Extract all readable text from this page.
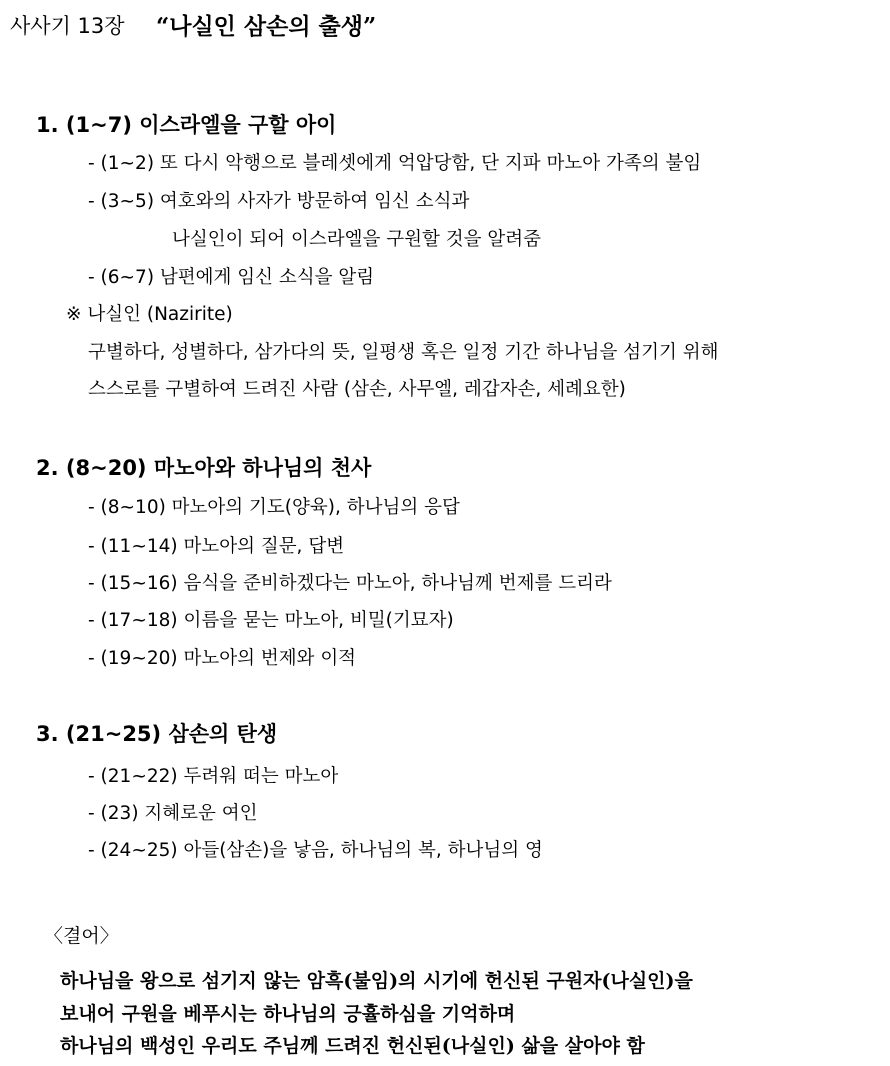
사사기 13장 “나실인 삼손의 출생”
1. (1~7) 이스라엘을 구할 아이
- (1~2) 또 다시 악행으로 블레셋에게 억압당함, 단 지파 마노아 가족의 불임
- (3~5) 여호와의 사자가 방문하여 임신 소식과
나실인이 되어 이스라엘을 구원할 것을 알려줌
- (6~7) 남편에게 임신 소식을 알림
※ 나실인 (Nazirite)
구별하다, 성별하다, 삼가다의 뜻, 일평생 혹은 일정 기간 하나님을 섬기기 위해
스스로를 구별하여 드려진 사람 (삼손, 사무엘, 레갑자손, 세례요한)
2. (8~20) 마노아와 하나님의 천사
- (8~10) 마노아의 기도(양육), 하나님의 응답
- (11~14) 마노아의 질문, 답변
- (15~16) 음식을 준비하겠다는 마노아, 하나님께 번제를 드리라
- (17~18) 이름을 묻는 마노아, 비밀(기묘자)
- (19~20) 마노아의 번제와 이적
3. (21~25) 삼손의 탄생
- (21~22) 두려워 떠는 마노아
- (23) 지혜로운 여인
- (24~25) 아들(삼손)을 낳음, 하나님의 복, 하나님의 영
〈결어〉
하나님을 왕으로 섬기지 않는 암흑(불임)의 시기에 헌신된 구원자(나실인)을
보내어 구원을 베푸시는 하나님의 긍휼하심을 기억하며
하나님의 백성인 우리도 주님께 드려진 헌신된(나실인) 삶을 살아야 함
